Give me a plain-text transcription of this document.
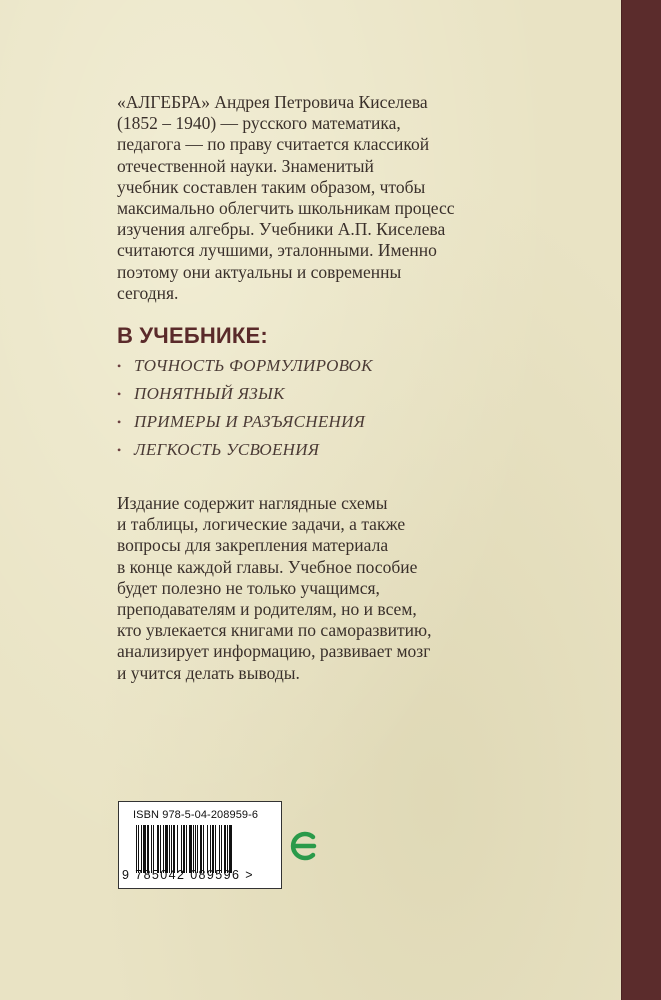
«АЛГЕБРА» Андрея Петровича Киселева
(1852 – 1940) — русского математика,
педагога — по праву считается классикой
отечественной науки. Знаменитый
учебник составлен таким образом, чтобы
максимально облегчить школьникам процесс
изучения алгебры. Учебники А.П. Киселева
считаются лучшими, эталонными. Именно
поэтому они актуальны и современны
сегодня.
В УЧЕБНИКЕ:
• ТОЧНОСТЬ ФОРМУЛИРОВОК
• ПОНЯТНЫЙ ЯЗЫК
• ПРИМЕРЫ И РАЗЪЯСНЕНИЯ
• ЛЕГКОСТЬ УСВОЕНИЯ
Издание содержит наглядные схемы
и таблицы, логические задачи, а также
вопросы для закрепления материала
в конце каждой главы. Учебное пособие
будет полезно не только учащимся,
преподавателям и родителям, но и всем,
кто увлекается книгами по саморазвитию,
анализирует информацию, развивает мозг
и учится делать выводы.
ISBN 978-5-04-208959-6
9 785042 089596 >
